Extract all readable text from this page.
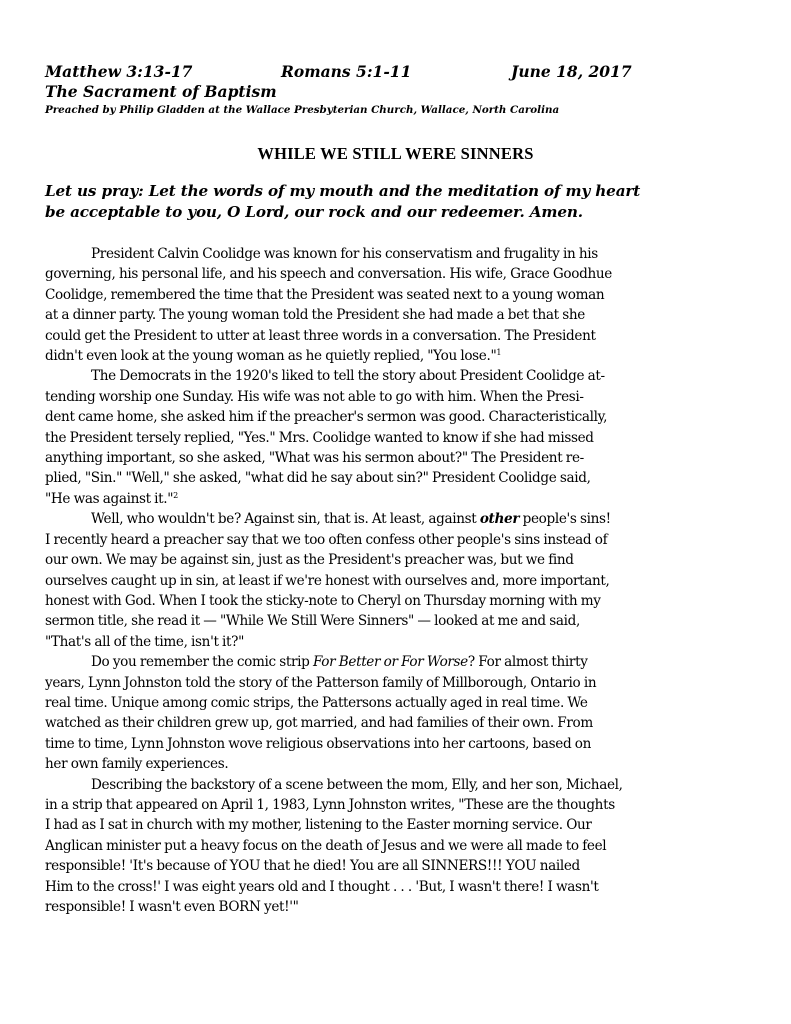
Matthew 3:13-17	Romans 5:1-11	June 18, 2017
The Sacrament of Baptism
Preached by Philip Gladden at the Wallace Presbyterian Church, Wallace, North Carolina
WHILE WE STILL WERE SINNERS
Let us pray: Let the words of my mouth and the meditation of my heart
be acceptable to you, O Lord, our rock and our redeemer. Amen.
President Calvin Coolidge was known for his conservatism and frugality in his
governing, his personal life, and his speech and conversation. His wife, Grace Goodhue
Coolidge, remembered the time that the President was seated next to a young woman
at a dinner party. The young woman told the President she had made a bet that she
could get the President to utter at least three words in a conversation. The President
didn't even look at the young woman as he quietly replied, "You lose."$^1$
The Democrats in the 1920's liked to tell the story about President Coolidge at-
tending worship one Sunday. His wife was not able to go with him. When the Presi-
dent came home, she asked him if the preacher's sermon was good. Characteristically,
the President tersely replied, "Yes." Mrs. Coolidge wanted to know if she had missed
anything important, so she asked, "What was his sermon about?" The President re-
plied, "Sin." "Well," she asked, "what did he say about sin?" President Coolidge said,
"He was against it."$^2$
Well, who wouldn't be? Against sin, that is. At least, against other people's sins!
I recently heard a preacher say that we too often confess other people's sins instead of
our own. We may be against sin, just as the President's preacher was, but we find
ourselves caught up in sin, at least if we're honest with ourselves and, more important,
honest with God. When I took the sticky-note to Cheryl on Thursday morning with my
sermon title, she read it — "While We Still Were Sinners" — looked at me and said,
"That's all of the time, isn't it?"
Do you remember the comic strip For Better or For Worse? For almost thirty
years, Lynn Johnston told the story of the Patterson family of Millborough, Ontario in
real time. Unique among comic strips, the Pattersons actually aged in real time. We
watched as their children grew up, got married, and had families of their own. From
time to time, Lynn Johnston wove religious observations into her cartoons, based on
her own family experiences.
Describing the backstory of a scene between the mom, Elly, and her son, Michael,
in a strip that appeared on April 1, 1983, Lynn Johnston writes, "These are the thoughts
I had as I sat in church with my mother, listening to the Easter morning service. Our
Anglican minister put a heavy focus on the death of Jesus and we were all made to feel
responsible! 'It's because of YOU that he died! You are all SINNERS!!! YOU nailed
Him to the cross!' I was eight years old and I thought . . . 'But, I wasn't there! I wasn't
responsible! I wasn't even BORN yet!'"
